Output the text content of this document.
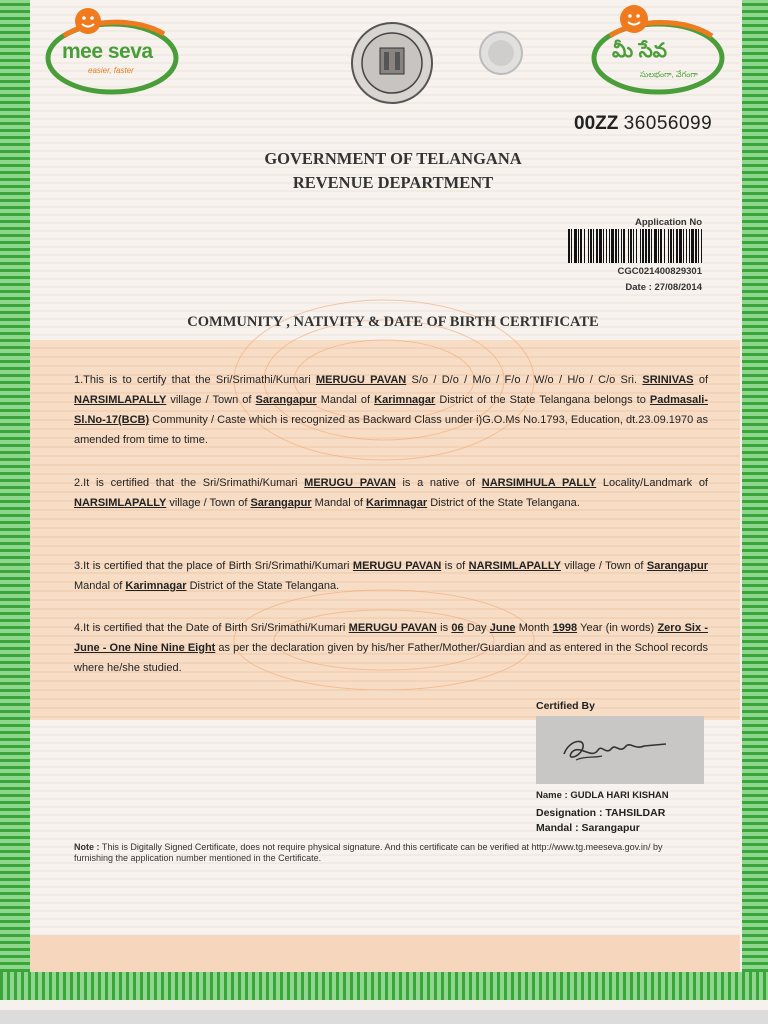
mee seva
easier, faster
మీ సేవ
సులభంగా, వేగంగా
00ZZ 36056099
GOVERNMENT OF TELANGANA
REVENUE DEPARTMENT
Application No
CGC021400829301
Date : 27/08/2014
COMMUNITY , NATIVITY & DATE OF BIRTH CERTIFICATE
1.This is to certify that the Sri/Srimathi/Kumari MERUGU PAVAN S/o / D/o / M/o / F/o / W/o / H/o / C/o Sri. SRINIVAS of NARSIMLAPALLY village / Town of Sarangapur Mandal of Karimnagar District of the State Telangana belongs to Padmasali-Sl.No-17(BCB) Community / Caste which is recognized as Backward Class under i)G.O.Ms No.1793, Education, dt.23.09.1970 as amended from time to time.
2.It is certified that the Sri/Srimathi/Kumari MERUGU PAVAN is a native of NARSIMHULA PALLY Locality/Landmark of NARSIMLAPALLY village / Town of Sarangapur Mandal of Karimnagar District of the State Telangana.
3.It is certified that the place of Birth Sri/Srimathi/Kumari MERUGU PAVAN is of NARSIMLAPALLY village / Town of Sarangapur Mandal of Karimnagar District of the State Telangana.
4.It is certified that the Date of Birth Sri/Srimathi/Kumari MERUGU PAVAN is 06 Day June Month 1998 Year (in words) Zero Six - June - One Nine Nine Eight as per the declaration given by his/her Father/Mother/Guardian and as entered in the School records where he/she studied.
Certified By
Name : GUDLA HARI KISHAN
Designation : TAHSILDAR
Mandal : Sarangapur
Note : This is Digitally Signed Certificate, does not require physical signature. And this certificate can be verified at http://www.tg.meeseva.gov.in/ by furnishing the application number mentioned in the Certificate.
